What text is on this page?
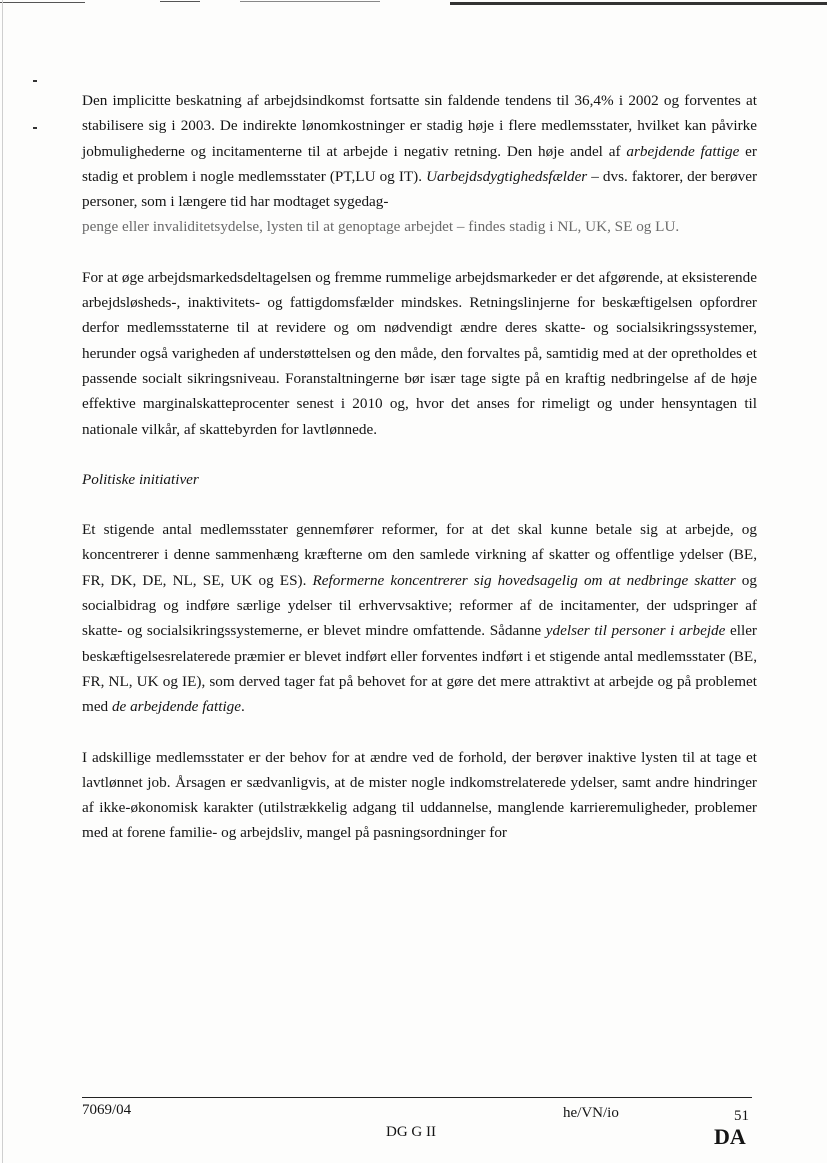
Den implicitte beskatning af arbejdsindkomst fortsatte sin faldende tendens til 36,4% i 2002 og forventes at stabilisere sig i 2003. De indirekte lønomkostninger er stadig høje i flere medlemsstater, hvilket kan påvirke jobmulighederne og incitamenterne til at arbejde i negativ retning. Den høje andel af arbejdende fattige er stadig et problem i nogle medlemsstater (PT,LU og IT). Uarbejdsdygtighedsfælder – dvs. faktorer, der berøver personer, som i længere tid har modtaget sygedag-

penge eller invaliditetsydelse, lysten til at genoptage arbejdet – findes stadig i NL, UK, SE og LU.

For at øge arbejdsmarkedsdeltagelsen og fremme rummelige arbejdsmarkeder er det afgørende, at eksisterende arbejdsløsheds-, inaktivitets- og fattigdomsfælder mindskes. Retningslinjerne for beskæftigelsen opfordrer derfor medlemsstaterne til at revidere og om nødvendigt ændre deres skatte- og socialsikringssystemer, herunder også varigheden af understøttelsen og den måde, den forvaltes på, samtidig med at der opretholdes et passende socialt sikringsniveau. Foranstaltningerne bør især tage sigte på en kraftig nedbringelse af de høje effektive marginalskatteprocenter senest i 2010 og, hvor det anses for rimeligt og under hensyntagen til nationale vilkår, af skattebyrden for lavtlønnede.

Politiske initiativer

Et stigende antal medlemsstater gennemfører reformer, for at det skal kunne betale sig at arbejde, og koncentrerer i denne sammenhæng kræfterne om den samlede virkning af skatter og offentlige ydelser (BE, FR, DK, DE, NL, SE, UK og ES). Reformerne koncentrerer sig hovedsagelig om at nedbringe skatter og socialbidrag og indføre særlige ydelser til erhvervsaktive; reformer af de incitamenter, der udspringer af skatte- og socialsikringssystemerne, er blevet mindre omfattende. Sådanne ydelser til personer i arbejde eller beskæftigelsesrelaterede præmier er blevet indført eller forventes indført i et stigende antal medlemsstater (BE, FR, NL, UK og IE), som derved tager fat på behovet for at gøre det mere attraktivt at arbejde og på problemet med de arbejdende fattige.

I adskillige medlemsstater er der behov for at ændre ved de forhold, der berøver inaktive lysten til at tage et lavtlønnet job. Årsagen er sædvanligvis, at de mister nogle indkomstrelaterede ydelser, samt andre hindringer af ikke-økonomisk karakter (utilstrækkelig adgang til uddannelse, manglende karrieremuligheder, problemer med at forene familie- og arbejdsliv, mangel på pasningsordninger for

7069/04	he/VN/io	51
DG G II	DA
